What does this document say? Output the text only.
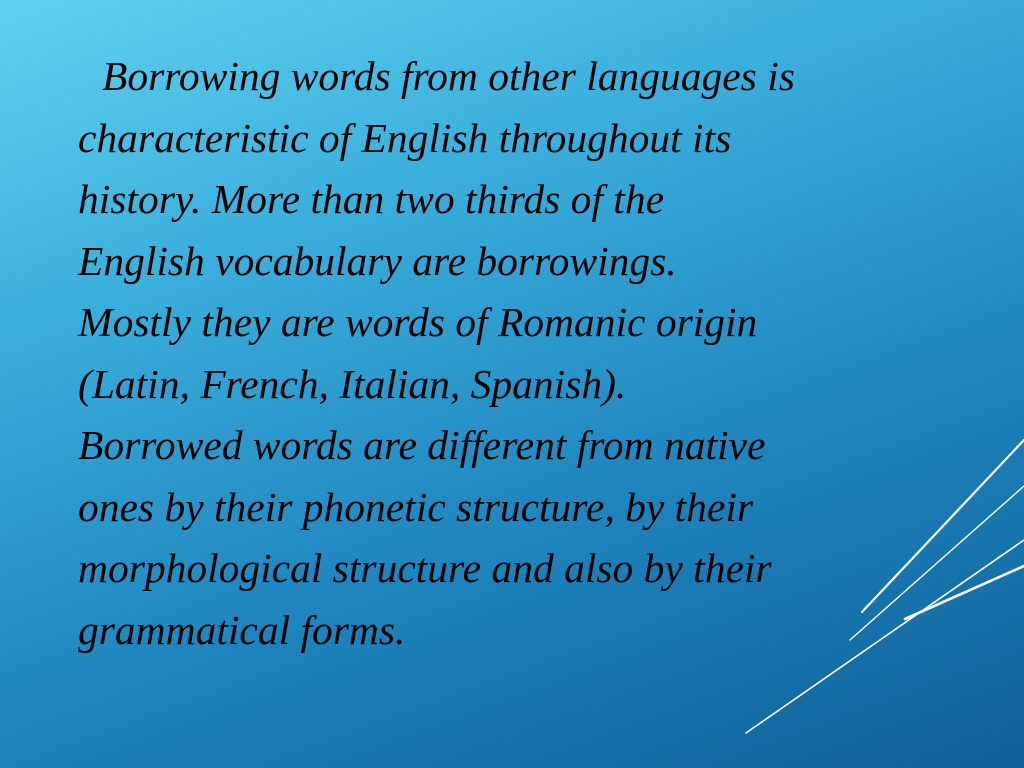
Borrowing words from other languages is
characteristic of English throughout its
history. More than two thirds of the
English vocabulary are borrowings.
Mostly they are words of Romanic origin
(Latin, French, Italian, Spanish).
Borrowed words are different from native
ones by their phonetic structure, by their
morphological structure and also by their
grammatical forms.
